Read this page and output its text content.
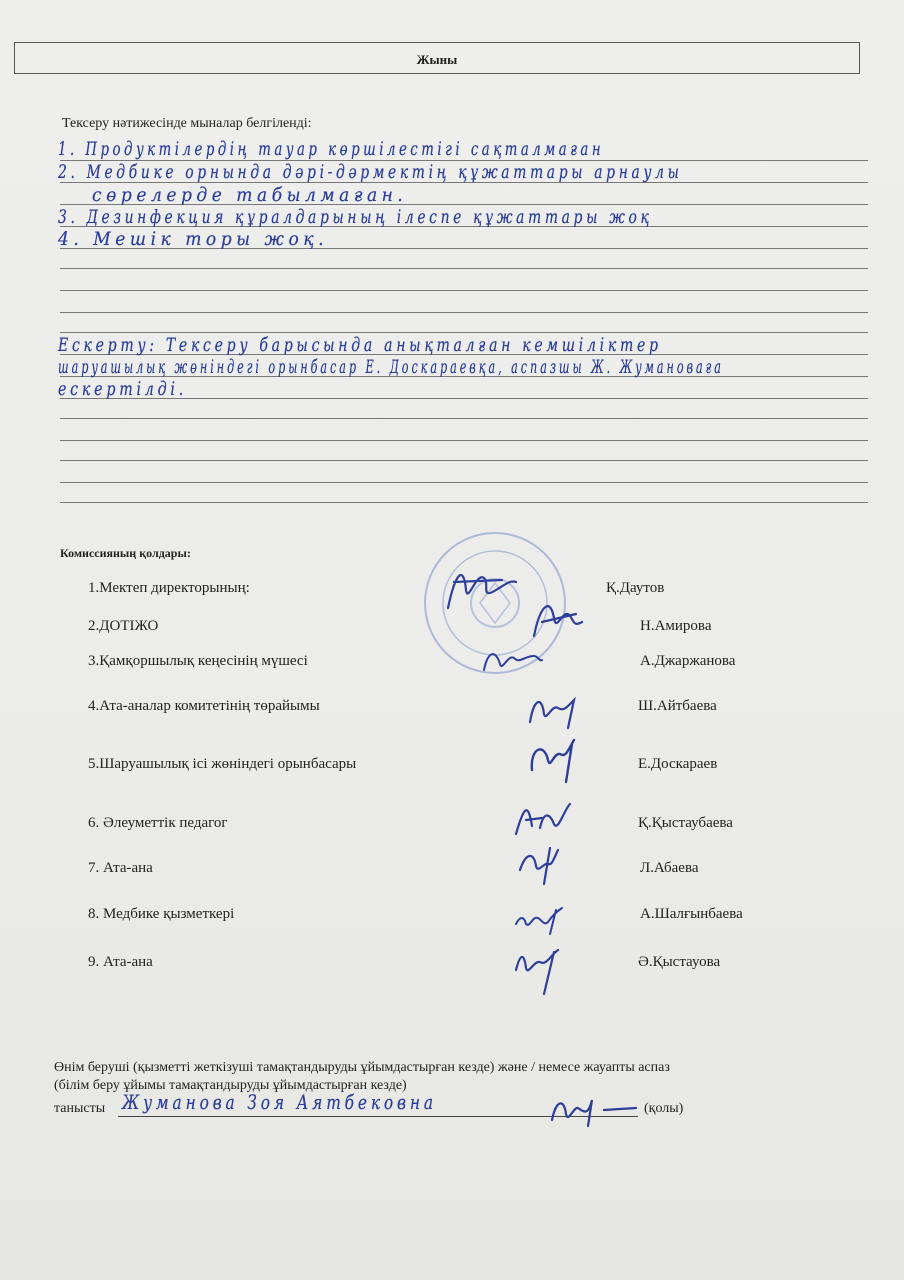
Жыны
Тексеру нәтижесінде мыналар белгіленді:
1. Продуктілердің тауар көршілестігі сақталмаған
2. Медбике орнында дәрі-дәрмектің құжаттары арнаулы
сөрелерде табылмаған.
3. Дезинфекция құралдарының ілеспе құжаттары жоқ
4. Мешік торы жоқ.
Ескерту: Тексеру барысында анықталған кемшіліктер
шаруашылық жөніндегі орынбасар Е. Доскараевқа, аспазшы Ж. Жумановаға
ескертілді.
Комиссияның қолдары:
1.Мектеп директорының:	Қ.Даутов
2.ДОТІЖО	Н.Амирова
3.Қамқоршылық кеңесінің мүшесі	А.Джаржанова
4.Ата-аналар комитетінің төрайымы	Ш.Айтбаева
5.Шаруашылық ісі жөніндегі орынбасары	Е.Доскараев
6. Әлеуметтік педагог	Қ.Қыстаубаева
7. Ата-ана	Л.Абаева
8. Медбике қызметкері	А.Шалғынбаева
9. Ата-ана	Ә.Қыстауова
Өнім беруші (қызметті жеткізуші тамақтандыруды ұйымдастырған кезде) және / немесе жауапты аспаз
(білім беру ұйымы тамақтандыруды ұйымдастырған кезде)
танысты Жуманова Зоя Аятбековна	(қолы)
